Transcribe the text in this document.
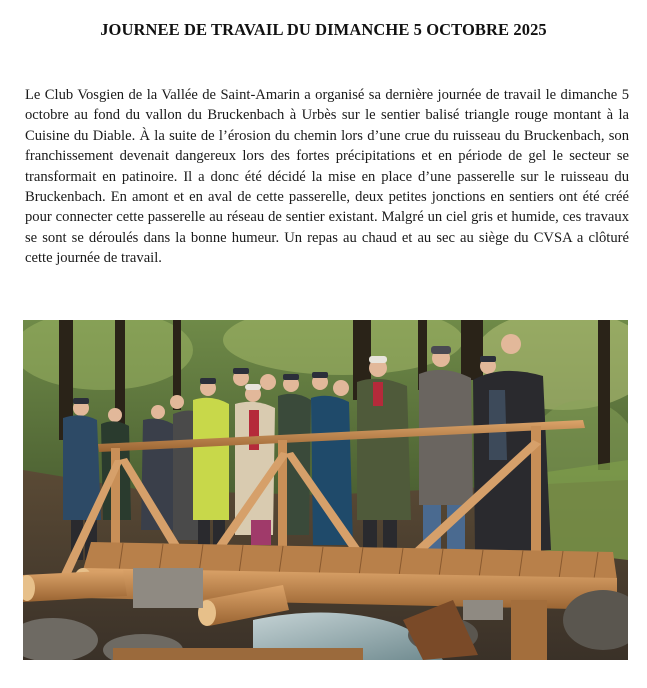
JOURNEE DE TRAVAIL DU DIMANCHE 5 OCTOBRE 2025

Le Club Vosgien de la Vallée de Saint-Amarin a organisé sa dernière journée de travail le dimanche 5 octobre au fond du vallon du Bruckenbach à Urbès sur le sentier balisé triangle rouge montant à la Cuisine du Diable. À la suite de l’érosion du chemin lors d’une crue du ruisseau du Bruckenbach, son franchissement devenait dangereux lors des fortes précipitations et en période de gel le secteur se transformait en patinoire. Il a donc été décidé la mise en place d’une passerelle sur le ruisseau du Bruckenbach. En amont et en aval de cette passerelle, deux petites jonctions en sentiers ont été créé pour connecter cette passerelle au réseau de sentier existant. Malgré un ciel gris et humide, ces travaux se sont se déroulés dans la bonne humeur. Un repas au chaud et au sec au siège du CVSA a clôturé cette journée de travail.
